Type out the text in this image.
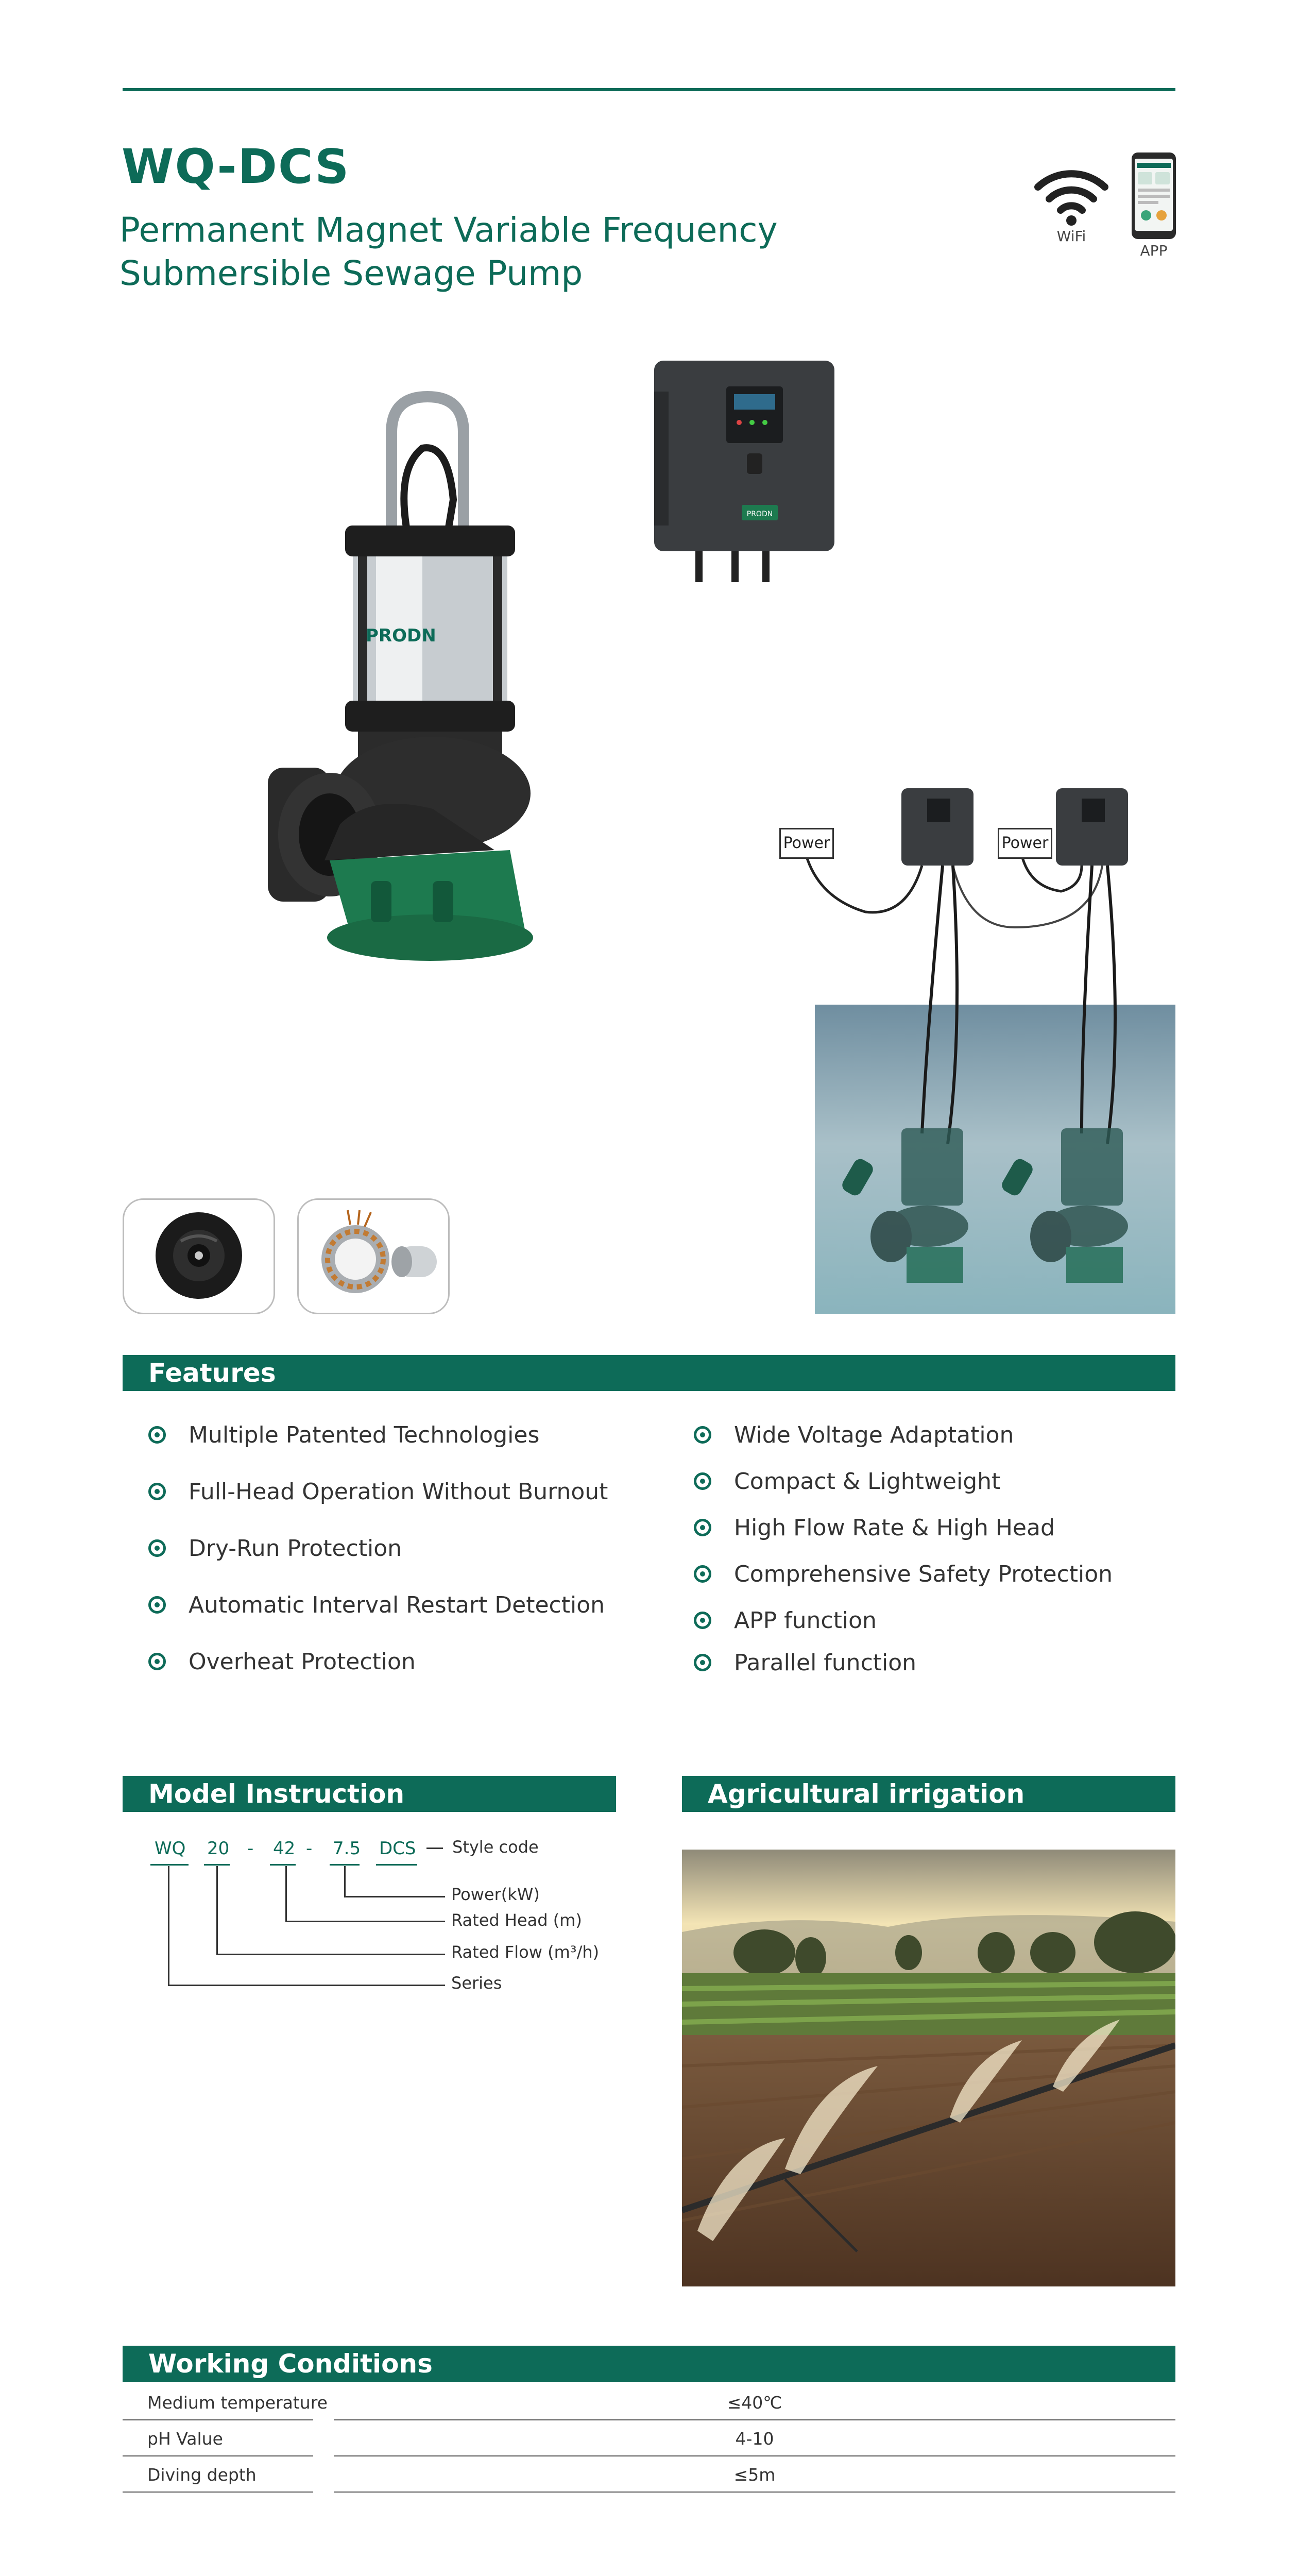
WQ-DCS
Permanent Magnet Variable Frequency Submersible Sewage Pump
WiFi
APP
PRODN
PRODN
Power	Power
Features
Multiple Patented Technologies
Full-Head Operation Without Burnout
Dry-Run Protection
Automatic Interval Restart Detection
Overheat Protection
Wide Voltage Adaptation
Compact & Lightweight
High Flow Rate & High Head
Comprehensive Safety Protection
APP function
Parallel function
Model Instruction
WQ 20 - 42 - 7.5 DCS Style code
Power(kW)
Rated Head (m)
Rated Flow (m³/h)
Series
Agricultural irrigation
Working Conditions
Medium temperature	≤40℃
pH Value	4-10
Diving depth	≤5m
